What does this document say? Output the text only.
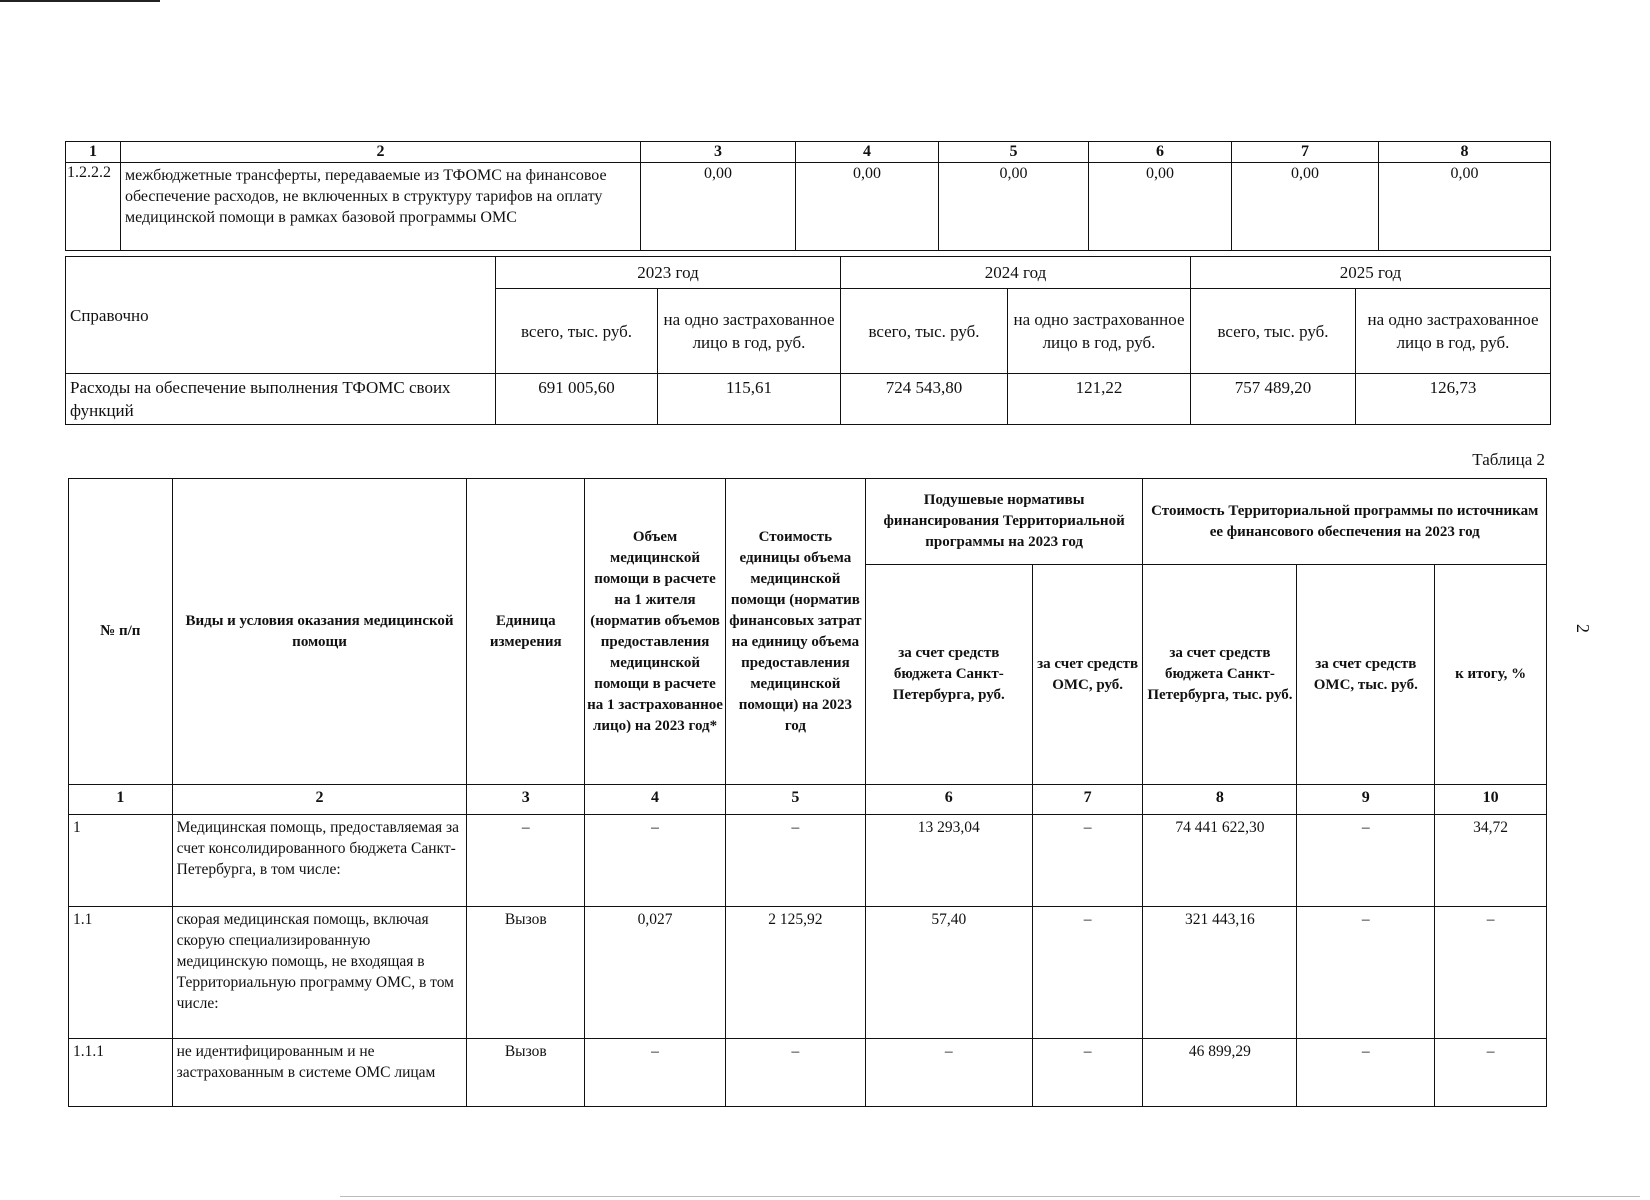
1	2	3	4	5	6	7	8
1.2.2.2	межбюджетные трансферты, передаваемые из ТФОМС на финансовое обеспечение расходов, не включенных в структуру тарифов на оплату медицинской помощи в рамках базовой программы ОМС	0,00	0,00	0,00	0,00	0,00	0,00
Справочно	2023 год		2024 год		2025 год	
	всего, тыс. руб.	на одно застрахованное лицо в год, руб.	всего, тыс. руб.	на одно застрахованное лицо в год, руб.	всего, тыс. руб.	на одно застрахованное лицо в год, руб.
Расходы на обеспечение выполнения ТФОМС своих функций	691 005,60	115,61	724 543,80	121,22	757 489,20	126,73
Таблица 2
№ п/п	Виды и условия оказания медицинской помощи	Единица измерения	Объем медицинской помощи в расчете на 1 жителя (норматив объемов предоставления медицинской помощи в расчете на 1 застрахованное лицо) на 2023 год*	Стоимость единицы объема медицинской помощи (норматив финансовых затрат на единицу объема предоставления медицинской помощи) на 2023 год	Подушевые нормативы финансирования Территориальной программы на 2023 год		Стоимость Территориальной программы по источникам ее финансового обеспечения на 2023 год		
					за счет средств бюджета Санкт-Петербурга, руб.	за счет средств ОМС, руб.	за счет средств бюджета Санкт-Петербурга, тыс. руб.	за счет средств ОМС, тыс. руб.	к итогу, %
1	2	3	4	5	6	7	8	9	10
1	Медицинская помощь, предоставляемая за счет консолидированного бюджета Санкт-Петербурга, в том числе:	–	–	–	13 293,04	–	74 441 622,30	–	34,72
1.1	скорая медицинская помощь, включая скорую специализированную медицинскую помощь, не входящая в Территориальную программу ОМС, в том числе:	Вызов	0,027	2 125,92	57,40	–	321 443,16	–	–
1.1.1	не идентифицированным и не застрахованным в системе ОМС лицам	Вызов	–	–	–	–	46 899,29	–	–
2
